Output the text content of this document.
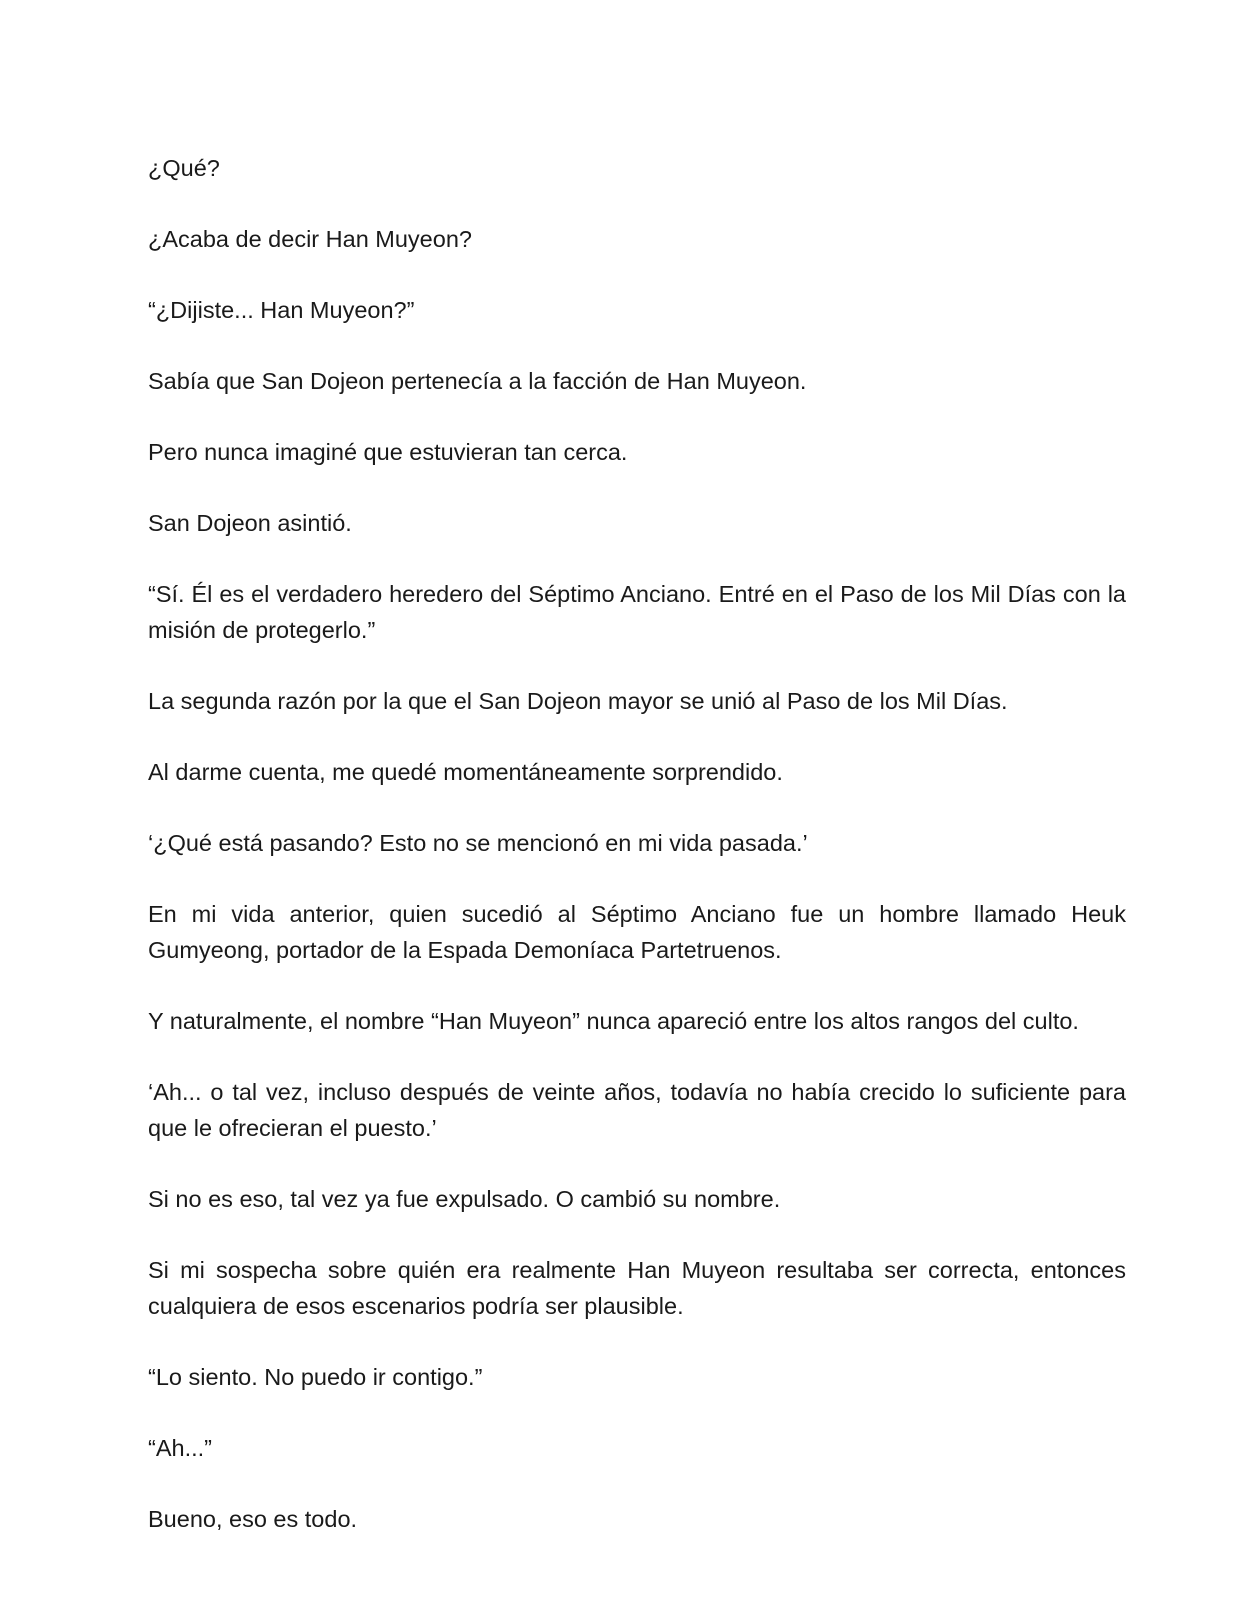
¿Qué?

¿Acaba de decir Han Muyeon?

“¿Dijiste... Han Muyeon?”

Sabía que San Dojeon pertenecía a la facción de Han Muyeon.

Pero nunca imaginé que estuvieran tan cerca.

San Dojeon asintió.

“Sí. Él es el verdadero heredero del Séptimo Anciano. Entré en el Paso de los Mil Días con la misión de protegerlo.”

La segunda razón por la que el San Dojeon mayor se unió al Paso de los Mil Días.

Al darme cuenta, me quedé momentáneamente sorprendido.

‘¿Qué está pasando? Esto no se mencionó en mi vida pasada.’

En mi vida anterior, quien sucedió al Séptimo Anciano fue un hombre llamado Heuk Gumyeong, portador de la Espada Demoníaca Partetruenos.

Y naturalmente, el nombre “Han Muyeon” nunca apareció entre los altos rangos del culto.

‘Ah... o tal vez, incluso después de veinte años, todavía no había crecido lo suficiente para que le ofrecieran el puesto.’

Si no es eso, tal vez ya fue expulsado. O cambió su nombre.

Si mi sospecha sobre quién era realmente Han Muyeon resultaba ser correcta, entonces cualquiera de esos escenarios podría ser plausible.

“Lo siento. No puedo ir contigo.”

“Ah...”

Bueno, eso es todo.
